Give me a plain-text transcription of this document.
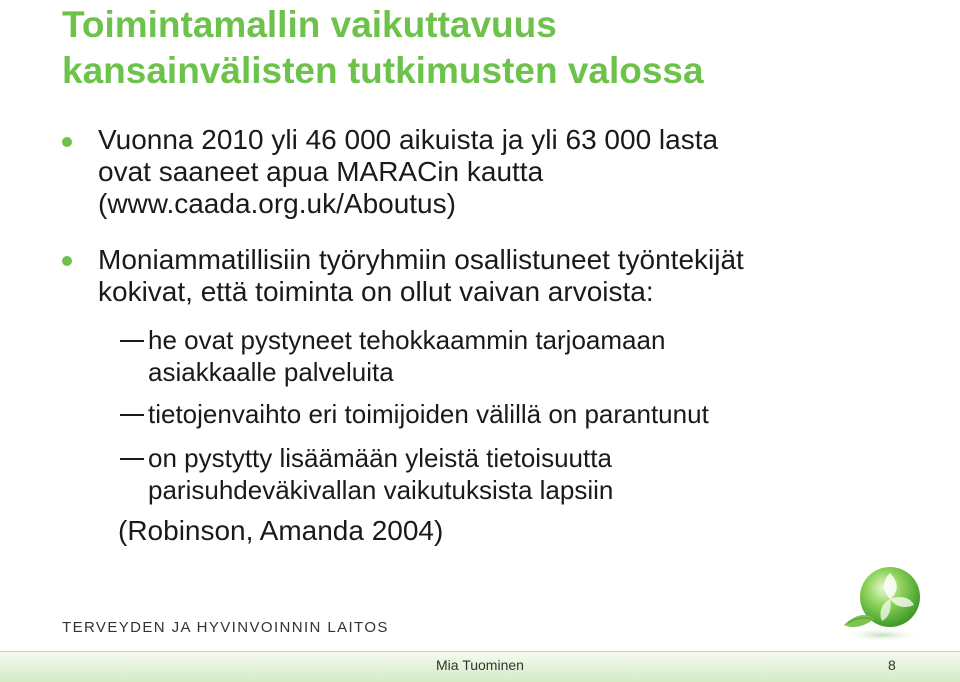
Toimintamallin vaikuttavuus
kansainvälisten tutkimusten valossa
Vuonna 2010 yli 46 000 aikuista ja yli 63 000 lasta
ovat saaneet apua MARACin kautta
(www.caada.org.uk/Aboutus)
Moniammatillisiin työryhmiin osallistuneet työntekijät
kokivat, että toiminta on ollut vaivan arvoista:
he ovat pystyneet tehokkaammin tarjoamaan
asiakkaalle palveluita
tietojenvaihto eri toimijoiden välillä on parantunut
on pystytty lisäämään yleistä tietoisuutta
parisuhdeväkivallan vaikutuksista lapsiin
(Robinson, Amanda 2004)
TERVEYDEN JA HYVINVOINNIN LAITOS
Mia Tuominen	8
